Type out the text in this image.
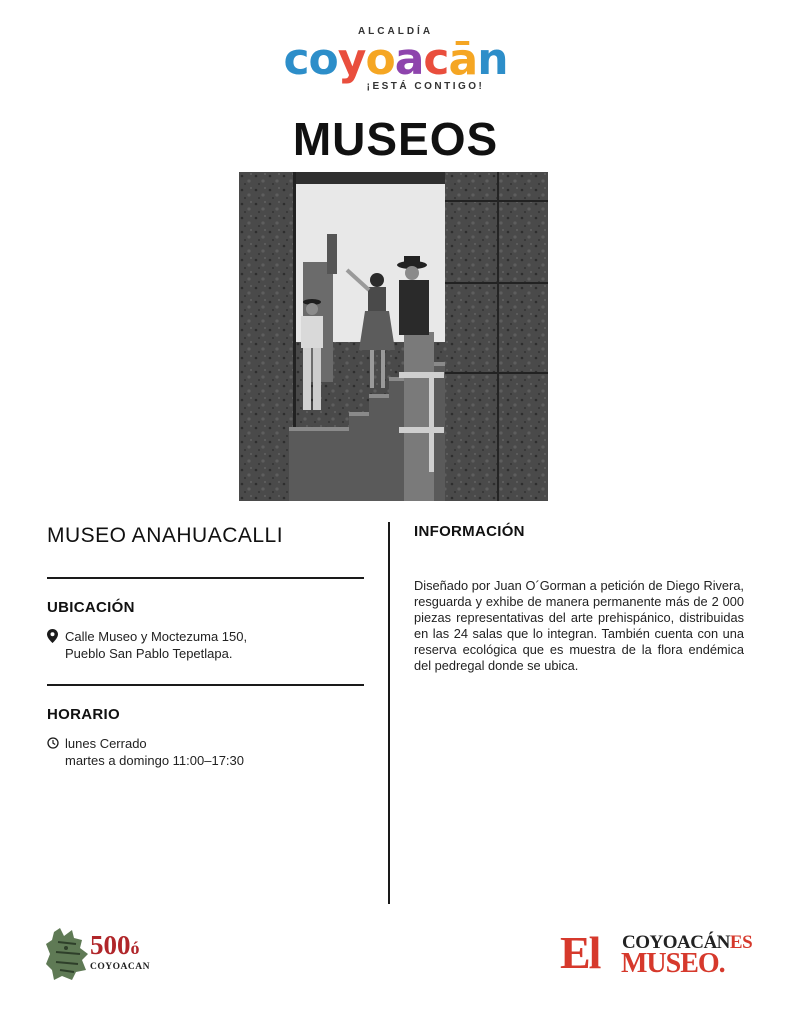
ALCALDÍA
coyoacān
¡ESTÁ CONTIGO!
MUSEOS
MUSEO ANAHUACALLI
UBICACIÓN
Calle Museo y Moctezuma 150,
Pueblo San Pablo Tepetlapa.
HORARIO
lunes Cerrado
martes a domingo 11:00–17:30
INFORMACIÓN
Diseñado por Juan O´Gorman a petición de Diego Rivera, resguarda y exhibe de manera permanente más de 2 000 piezas representativas del arte prehispánico, distribuidas en las 24 salas que lo integran. También cuenta con una reserva ecológica que es muestra de la flora endémica del pedregal donde se ubica.
500ó
COYOACAN	El COYOACÁNES
MUSEO.
